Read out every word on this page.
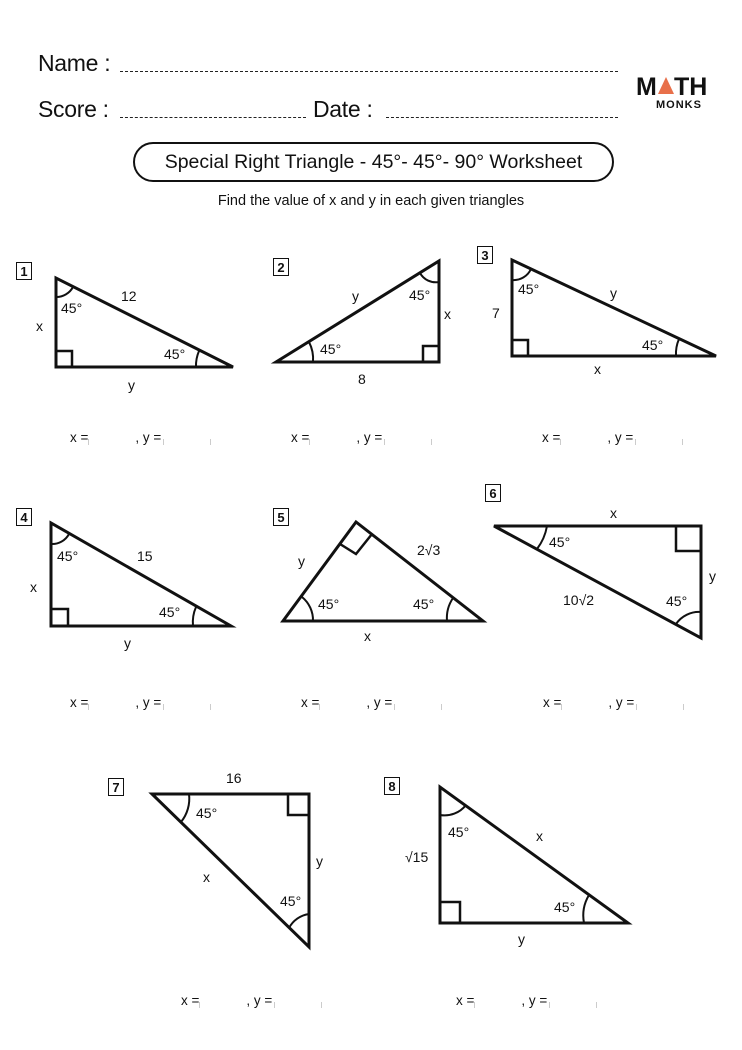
Name :
Score :	Date :
M TH
MONKS
Special Right Triangle - 45°- 45°- 90° Worksheet
Find the value of x and y in each given triangles
1
45°
45°
12
x
y
2
45°
45°
y
x
8
3
45°
45°
y
7
x
x =	, y =	x =	, y =	x =	, y =
4
45°
45°
15
x
y
5
45°	45°
x
y
2√3
6
45°
45°
10√2
y
x
x =	, y =	x =	, y =	x =	, y =
7
45°
45°
x
y
16	8
45°
45°
x
√15
y
x =	, y =	x =	, y =
